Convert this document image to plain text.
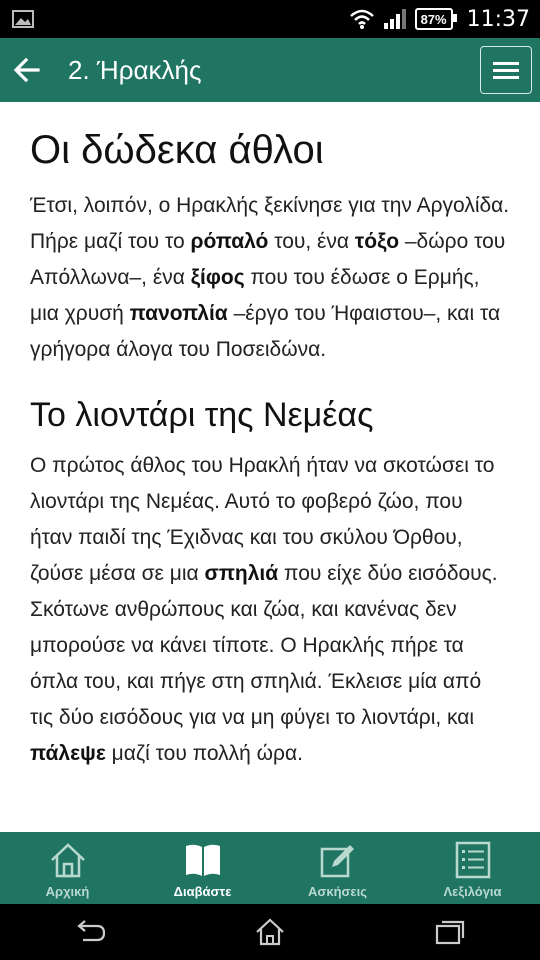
87% 11:37
2. Ήρακλής
Οι δώδεκα άθλοι

Έτσι, λοιπόν, ο Ηρακλής ξεκίνησε για την Αργολίδα. Πήρε μαζί του το ρόπαλό του, ένα τόξο –δώρο του Απόλλωνα–, ένα ξίφος που του έδωσε ο Ερμής, μια χρυσή πανοπλία –έργο του Ήφαιστου–, και τα γρήγορα άλογα του Ποσειδώνα.

Το λιοντάρι της Νεμέας

Ο πρώτος άθλος του Ηρακλή ήταν να σκοτώσει το λιοντάρι της Νεμέας. Αυτό το φοβερό ζώο, που ήταν παιδί της Έχιδνας και του σκύλου Όρθου, ζούσε μέσα σε μια σπηλιά που είχε δύο εισόδους. Σκότωνε ανθρώπους και ζώα, και κανένας δεν μπορούσε να κάνει τίποτε. Ο Ηρακλής πήρε τα όπλα του, και πήγε στη σπηλιά. Έκλεισε μία από τις δύο εισόδους για να μη φύγει το λιοντάρι, και πάλεψε μαζί του πολλή ώρα.

Αρχική	Διαβάστε	Ασκήσεις	Λεξιλόγια
